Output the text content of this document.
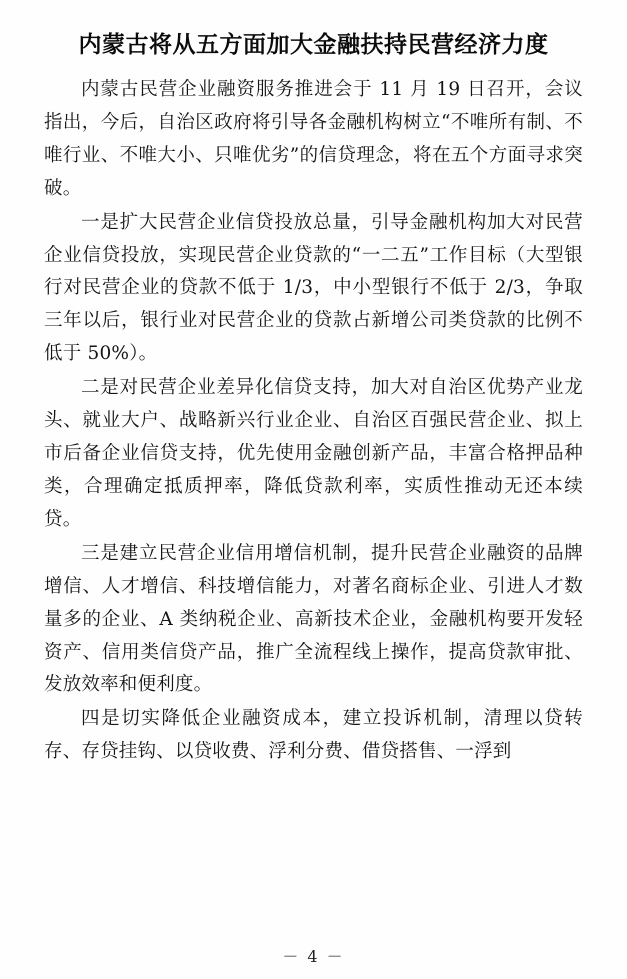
内蒙古将从五方面加大金融扶持民营经济力度

内蒙古民营企业融资服务推进会于 11 月 19 日召开，会议指出，今后，自治区政府将引导各金融机构树立“不唯所有制、不唯行业、不唯大小、只唯优劣”的信贷理念，将在五个方面寻求突破。

一是扩大民营企业信贷投放总量，引导金融机构加大对民营企业信贷投放，实现民营企业贷款的“一二五”工作目标（大型银行对民营企业的贷款不低于 1/3，中小型银行不低于 2/3，争取三年以后，银行业对民营企业的贷款占新增公司类贷款的比例不低于 50%）。

二是对民营企业差异化信贷支持，加大对自治区优势产业龙头、就业大户、战略新兴行业企业、自治区百强民营企业、拟上市后备企业信贷支持，优先使用金融创新产品，丰富合格押品种类，合理确定抵质押率，降低贷款利率，实质性推动无还本续贷。

三是建立民营企业信用增信机制，提升民营企业融资的品牌增信、人才增信、科技增信能力，对著名商标企业、引进人才数量多的企业、A 类纳税企业、高新技术企业，金融机构要开发轻资产、信用类信贷产品，推广全流程线上操作，提高贷款审批、发放效率和便利度。

四是切实降低企业融资成本，建立投诉机制，清理以贷转存、存贷挂钩、以贷收费、浮利分费、借贷搭售、一浮到

－ 4 －
